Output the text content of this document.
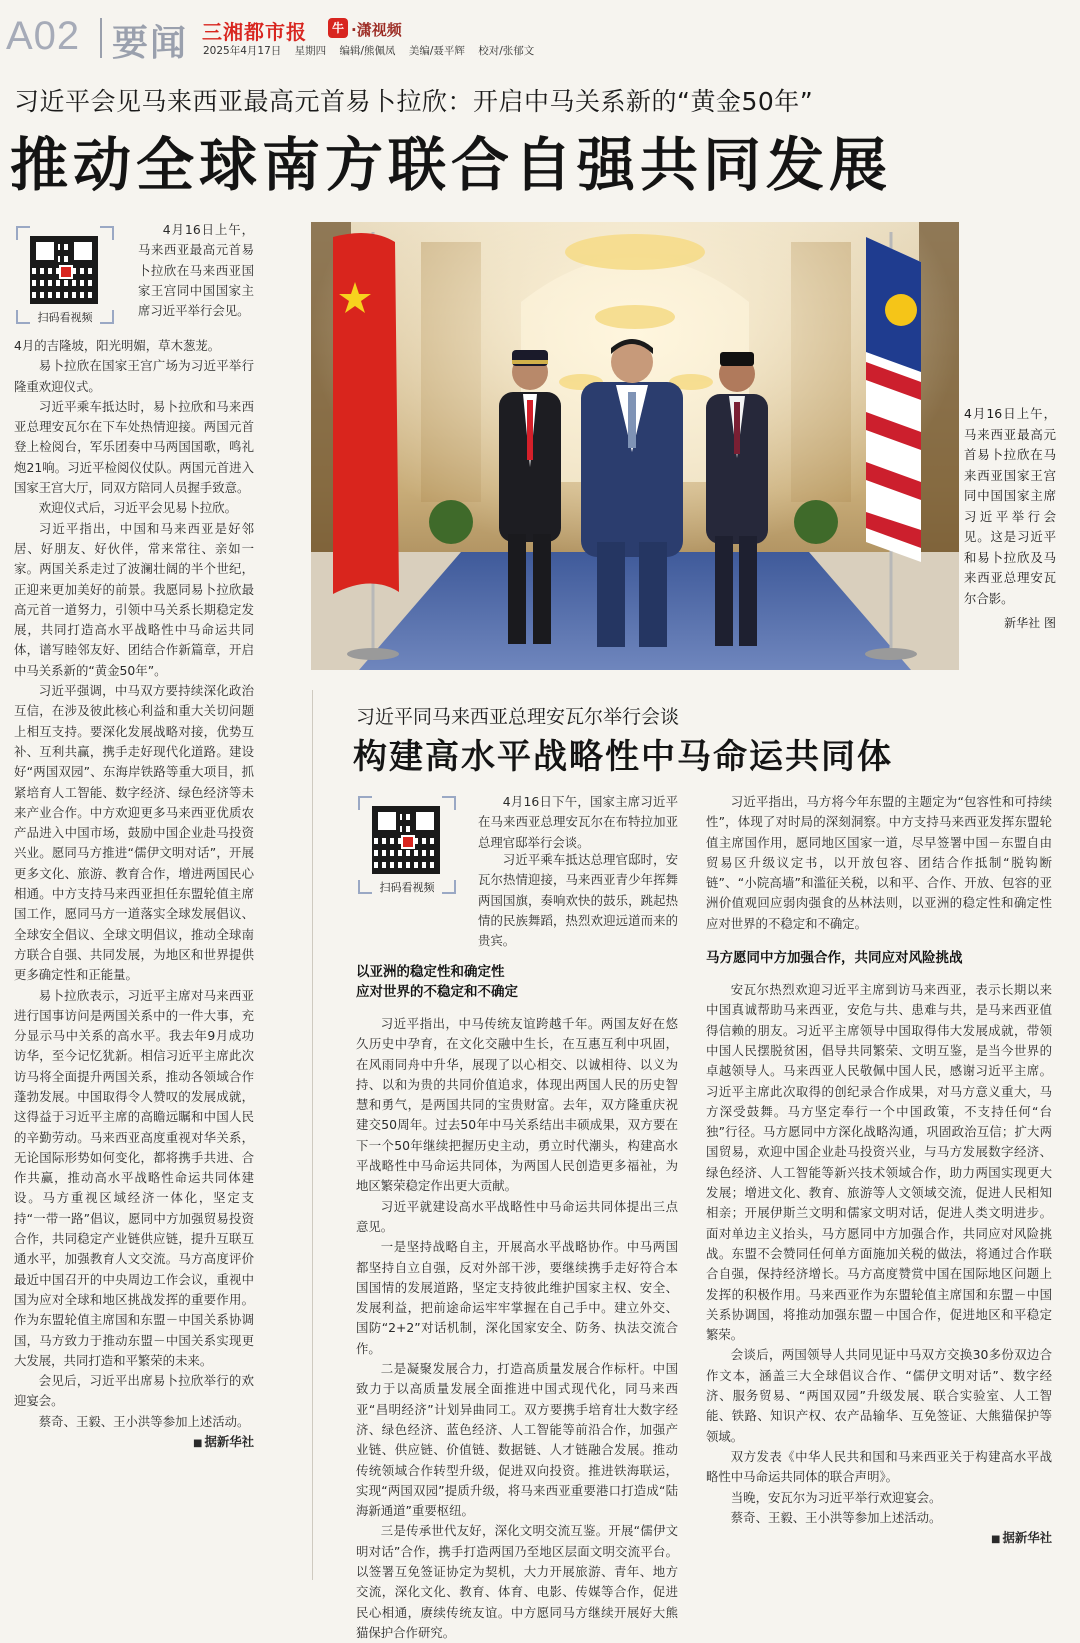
A02 要闻 三湘都市报	牛 ·潇视频
2025年4月17日 星期四 编辑/熊佩凤 美编/聂平辉 校对/张郁文
习近平会见马来西亚最高元首易卜拉欣：开启中马关系新的“黄金50年”
推动全球南方联合自强共同发展
扫码看视频

4月16日上午，马来西亚最高元首易卜拉欣在马来西亚国家王宫同中国国家主席习近平举行会见。

4月的吉隆坡，阳光明媚，草木葱茏。

易卜拉欣在国家王宫广场为习近平举行隆重欢迎仪式。

习近平乘车抵达时，易卜拉欣和马来西亚总理安瓦尔在下车处热情迎接。两国元首登上检阅台，军乐团奏中马两国国歌，鸣礼炮21响。习近平检阅仪仗队。两国元首进入国家王宫大厅，同双方陪同人员握手致意。

欢迎仪式后，习近平会见易卜拉欣。

习近平指出，中国和马来西亚是好邻居、好朋友、好伙伴，常来常往、亲如一家。两国关系走过了波澜壮阔的半个世纪，正迎来更加美好的前景。我愿同易卜拉欣最高元首一道努力，引领中马关系长期稳定发展，共同打造高水平战略性中马命运共同体，谱写睦邻友好、团结合作新篇章，开启中马关系新的“黄金50年”。

习近平强调，中马双方要持续深化政治互信，在涉及彼此核心利益和重大关切问题上相互支持。要深化发展战略对接，优势互补、互利共赢，携手走好现代化道路。建设好“两国双园”、东海岸铁路等重大项目，抓紧培育人工智能、数字经济、绿色经济等未来产业合作。中方欢迎更多马来西亚优质农产品进入中国市场，鼓励中国企业赴马投资兴业。愿同马方推进“儒伊文明对话”，开展更多文化、旅游、教育合作，增进两国民心相通。中方支持马来西亚担任东盟轮值主席国工作，愿同马方一道落实全球发展倡议、全球安全倡议、全球文明倡议，推动全球南方联合自强、共同发展，为地区和世界提供更多确定性和正能量。

易卜拉欣表示，习近平主席对马来西亚进行国事访问是两国关系中的一件大事，充分显示马中关系的高水平。我去年9月成功访华，至今记忆犹新。相信习近平主席此次访马将全面提升两国关系，推动各领域合作蓬勃发展。中国取得令人赞叹的发展成就，这得益于习近平主席的高瞻远瞩和中国人民的辛勤劳动。马来西亚高度重视对华关系，无论国际形势如何变化，都将携手共进、合作共赢，推动高水平战略性命运共同体建设。马方重视区域经济一体化，坚定支持“一带一路”倡议，愿同中方加强贸易投资合作，共同稳定产业链供应链，提升互联互通水平，加强教育人文交流。马方高度评价最近中国召开的中央周边工作会议，重视中国为应对全球和地区挑战发挥的重要作用。作为东盟轮值主席国和东盟－中国关系协调国，马方致力于推动东盟－中国关系实现更大发展，共同打造和平繁荣的未来。

会见后，习近平出席易卜拉欣举行的欢迎宴会。

蔡奇、王毅、王小洪等参加上述活动。

■ 据新华社

4月16日上午，马来西亚最高元首易卜拉欣在马来西亚国家王宫同中国国家主席习近平举行会见。这是习近平和易卜拉欣及马来西亚总理安瓦尔合影。
新华社 图
习近平同马来西亚总理安瓦尔举行会谈
构建高水平战略性中马命运共同体
扫码看视频

4月16日下午，国家主席习近平在马来西亚总理安瓦尔在布特拉加亚总理官邸举行会谈。

习近平乘车抵达总理官邸时，安瓦尔热情迎接，马来西亚青少年挥舞两国国旗，奏响欢快的鼓乐，跳起热情的民族舞蹈，热烈欢迎远道而来的贵宾。

以亚洲的稳定性和确定性
应对世界的不稳定和不确定

习近平指出，中马传统友谊跨越千年。两国友好在悠久历史中孕育，在文化交融中生长，在互惠互利中巩固，在风雨同舟中升华，展现了以心相交、以诚相待、以义为持、以和为贵的共同价值追求，体现出两国人民的历史智慧和勇气，是两国共同的宝贵财富。去年，双方隆重庆祝建交50周年。过去50年中马关系结出丰硕成果，双方要在下一个50年继续把握历史主动，勇立时代潮头，构建高水平战略性中马命运共同体，为两国人民创造更多福祉，为地区繁荣稳定作出更大贡献。

习近平就建设高水平战略性中马命运共同体提出三点意见。

一是坚持战略自主，开展高水平战略协作。中马两国都坚持自立自强，反对外部干涉，要继续携手走好符合本国国情的发展道路，坚定支持彼此维护国家主权、安全、发展利益，把前途命运牢牢掌握在自己手中。建立外交、国防“2+2”对话机制，深化国家安全、防务、执法交流合作。

二是凝聚发展合力，打造高质量发展合作标杆。中国致力于以高质量发展全面推进中国式现代化，同马来西亚“昌明经济”计划异曲同工。双方要携手培育壮大数字经济、绿色经济、蓝色经济、人工智能等前沿合作，加强产业链、供应链、价值链、数据链、人才链融合发展。推动传统领域合作转型升级，促进双向投资。推进铁海联运，实现“两国双园”提质升级，将马来西亚重要港口打造成“陆海新通道”重要枢纽。

三是传承世代友好，深化文明交流互鉴。开展“儒伊文明对话”合作，携手打造两国乃至地区层面文明交流平台。以签署互免签证协定为契机，大力开展旅游、青年、地方交流，深化文化、教育、体育、电影、传媒等合作，促进民心相通，赓续传统友谊。中方愿同马方继续开展好大熊猫保护合作研究。

习近平指出，马方将今年东盟的主题定为“包容性和可持续性”，体现了对时局的深刻洞察。中方支持马来西亚发挥东盟轮值主席国作用，愿同地区国家一道，尽早签署中国－东盟自由贸易区升级议定书，以开放包容、团结合作抵制“脱钩断链”、“小院高墙”和滥征关税，以和平、合作、开放、包容的亚洲价值观回应弱肉强食的丛林法则，以亚洲的稳定性和确定性应对世界的不稳定和不确定。

马方愿同中方加强合作，共同应对风险挑战

安瓦尔热烈欢迎习近平主席到访马来西亚，表示长期以来中国真诚帮助马来西亚，安危与共、患难与共，是马来西亚值得信赖的朋友。习近平主席领导中国取得伟大发展成就，带领中国人民摆脱贫困，倡导共同繁荣、文明互鉴，是当今世界的卓越领导人。马来西亚人民敬佩中国人民，感谢习近平主席。习近平主席此次取得的创纪录合作成果，对马方意义重大，马方深受鼓舞。马方坚定奉行一个中国政策，不支持任何“台独”行径。马方愿同中方深化战略沟通，巩固政治互信；扩大两国贸易，欢迎中国企业赴马投资兴业，与马方发展数字经济、绿色经济、人工智能等新兴技术领域合作，助力两国实现更大发展；增进文化、教育、旅游等人文领域交流，促进人民相知相亲；开展伊斯兰文明和儒家文明对话，促进人类文明进步。面对单边主义抬头，马方愿同中方加强合作，共同应对风险挑战。东盟不会赞同任何单方面施加关税的做法，将通过合作联合自强，保持经济增长。马方高度赞赏中国在国际地区问题上发挥的积极作用。马来西亚作为东盟轮值主席国和东盟－中国关系协调国，将推动加强东盟－中国合作，促进地区和平稳定繁荣。

会谈后，两国领导人共同见证中马双方交换30多份双边合作文本，涵盖三大全球倡议合作、“儒伊文明对话”、数字经济、服务贸易、“两国双园”升级发展、联合实验室、人工智能、铁路、知识产权、农产品输华、互免签证、大熊猫保护等领域。

双方发表《中华人民共和国和马来西亚关于构建高水平战略性中马命运共同体的联合声明》。

当晚，安瓦尔为习近平举行欢迎宴会。

蔡奇、王毅、王小洪等参加上述活动。

■ 据新华社
